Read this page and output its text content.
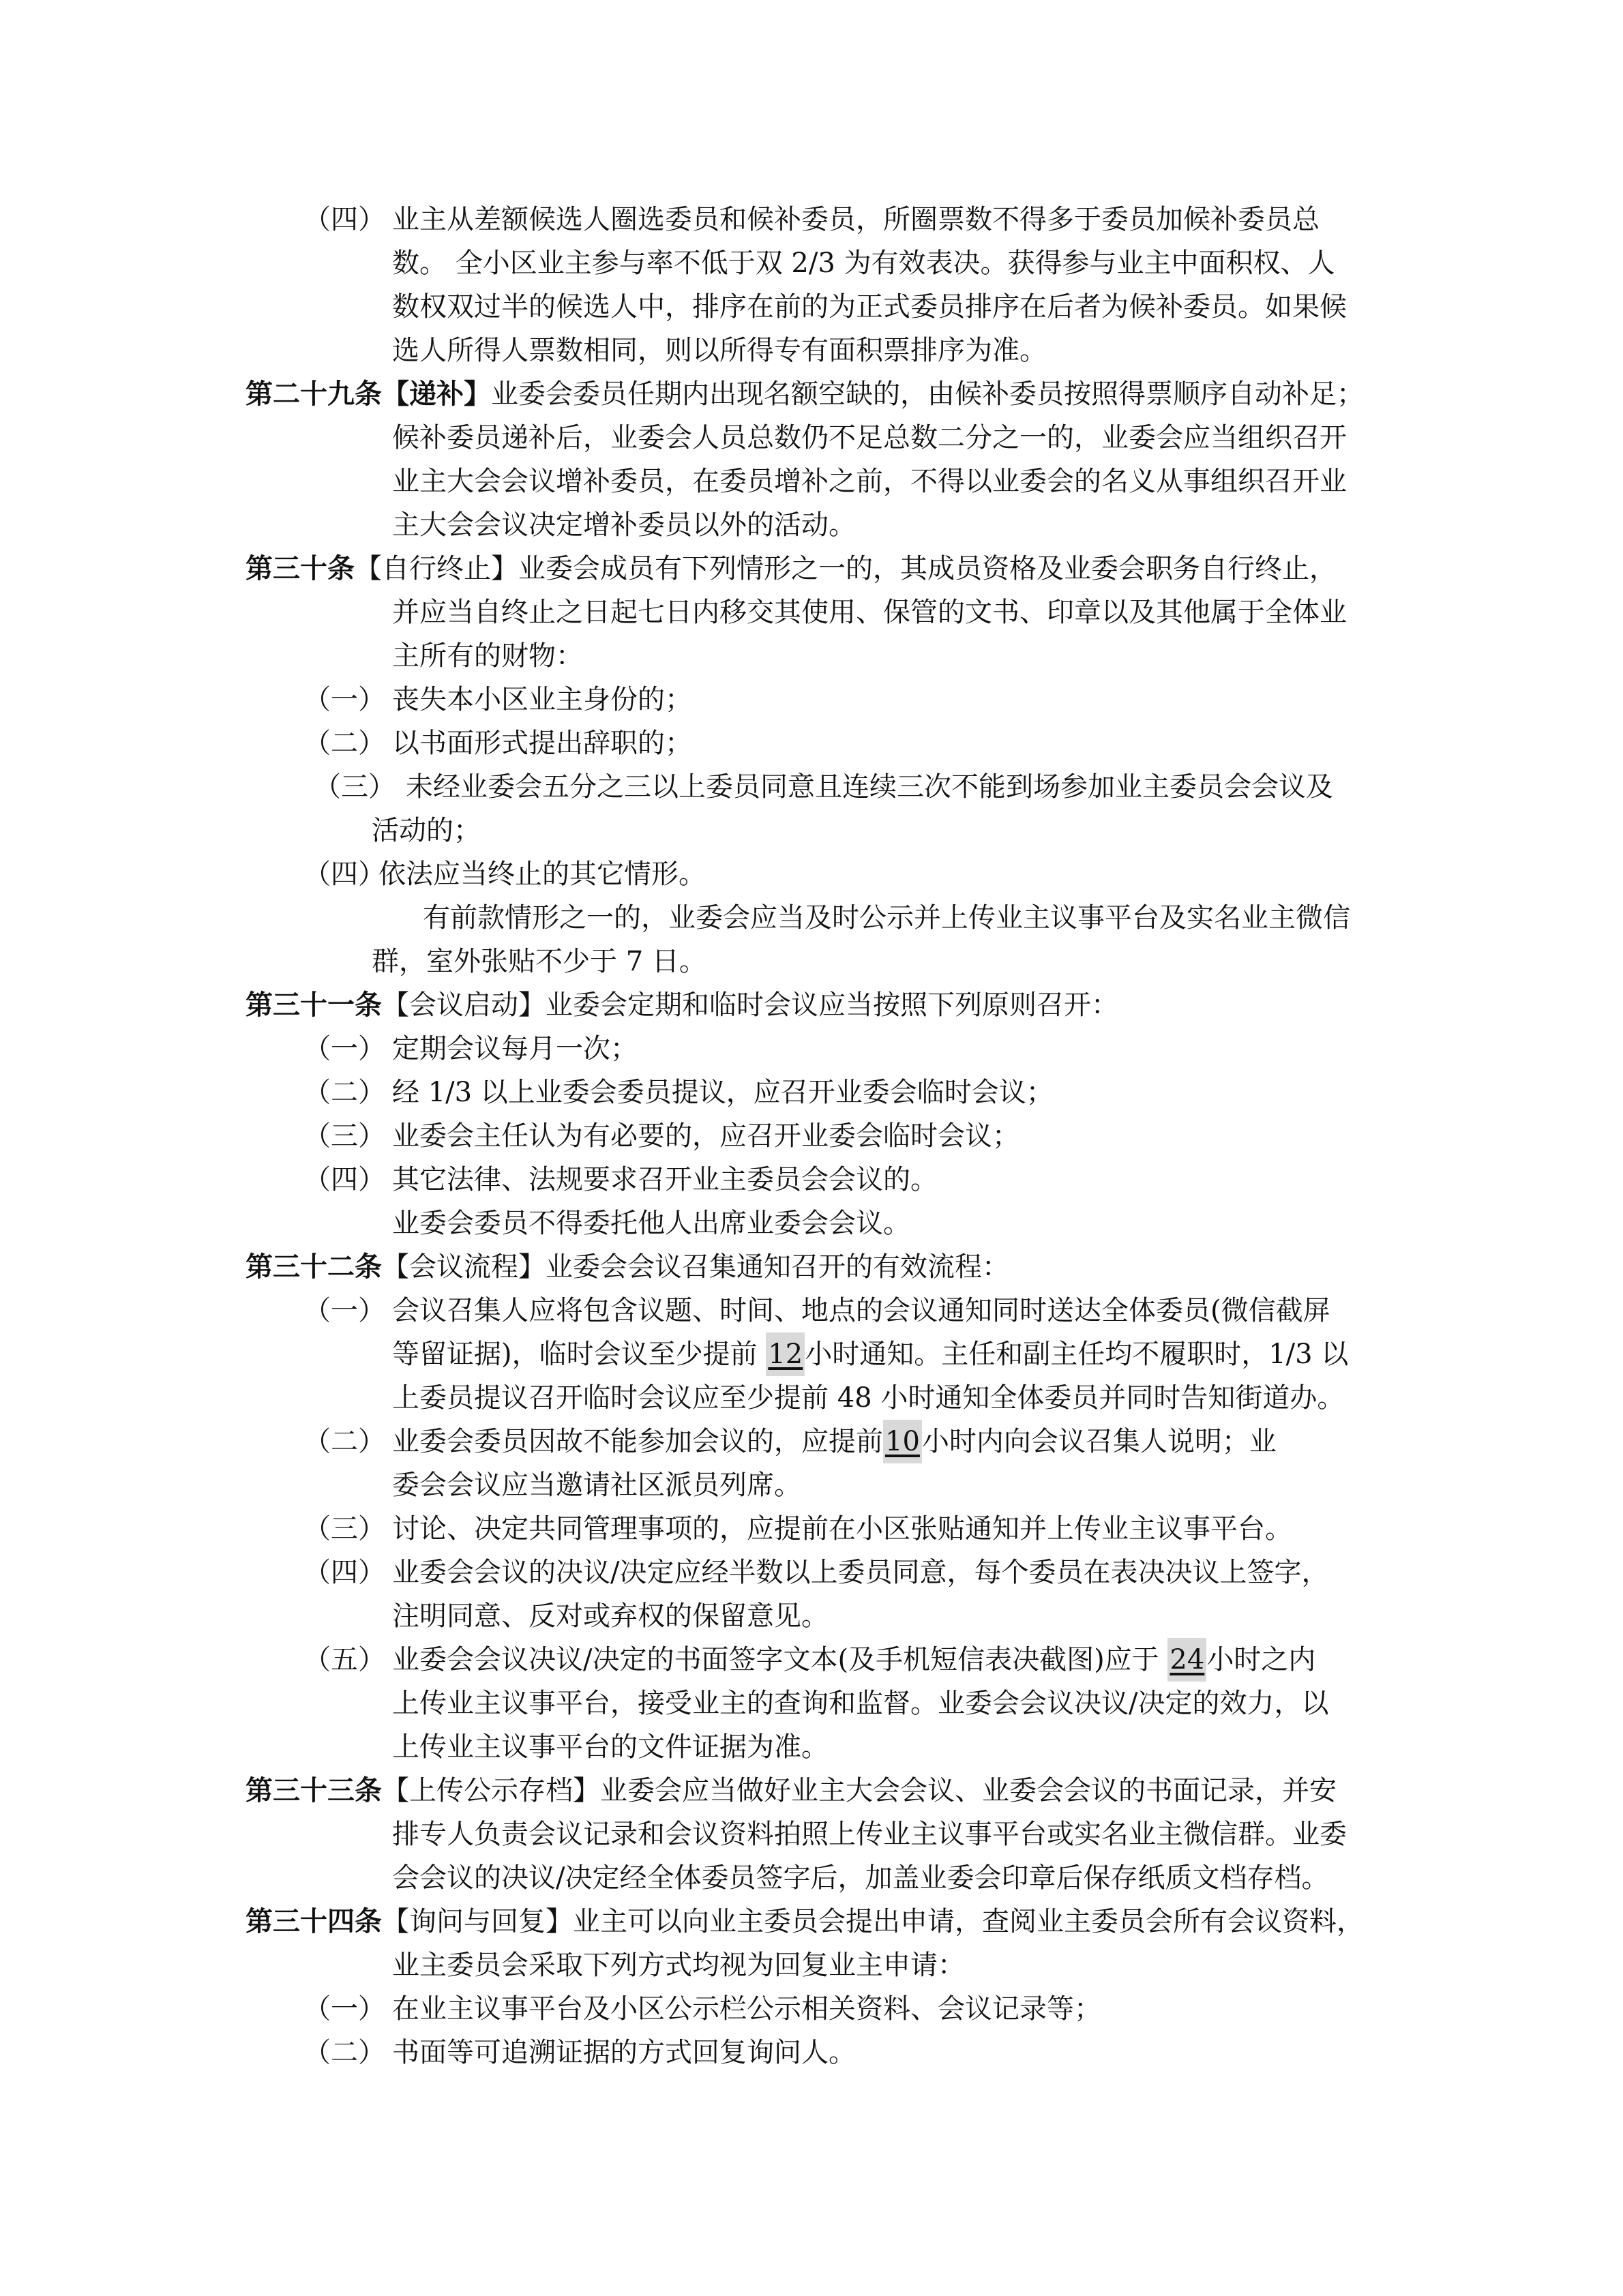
（四） 业主从差额候选人圈选委员和候补委员，所圈票数不得多于委员加候补委员总
数。 全小区业主参与率不低于双 2/3 为有效表决。获得参与业主中面积权、人
数权双过半的候选人中，排序在前的为正式委员排序在后者为候补委员。如果候
选人所得人票数相同，则以所得专有面积票排序为准。
第二十九条【递补】业委会委员任期内出现名额空缺的，由候补委员按照得票顺序自动补足；
候补委员递补后，业委会人员总数仍不足总数二分之一的，业委会应当组织召开
业主大会会议增补委员，在委员增补之前，不得以业委会的名义从事组织召开业
主大会会议决定增补委员以外的活动。
第三十条【自行终止】业委会成员有下列情形之一的，其成员资格及业委会职务自行终止，
并应当自终止之日起七日内移交其使用、保管的文书、印章以及其他属于全体业
主所有的财物：
（一） 丧失本小区业主身份的；
（二） 以书面形式提出辞职的；
（三） 未经业委会五分之三以上委员同意且连续三次不能到场参加业主委员会会议及
活动的；
（四）
依法应当终止的其它情形。
有前款情形之一的，业委会应当及时公示并上传业主议事平台及实名业主微信
群，室外张贴不少于 7 日。
第三十一条【会议启动】业委会定期和临时会议应当按照下列原则召开：
（一） 定期会议每月一次；
（二） 经 1/3 以上业委会委员提议，应召开业委会临时会议；
（三） 业委会主任认为有必要的，应召开业委会临时会议；
（四） 其它法律、法规要求召开业主委员会会议的。
业委会委员不得委托他人出席业委会会议。
第三十二条【会议流程】业委会会议召集通知召开的有效流程：
（一） 会议召集人应将包含议题、时间、地点的会议通知同时送达全体委员(微信截屏
等留证据)，临时会议至少提前 12小时通知。主任和副主任均不履职时，1/3 以
上委员提议召开临时会议应至少提前 48 小时通知全体委员并同时告知街道办。
（二） 业委会委员因故不能参加会议的，应提前10小时内向会议召集人说明；业
委会会议应当邀请社区派员列席。
（三） 讨论、决定共同管理事项的，应提前在小区张贴通知并上传业主议事平台。
（四） 业委会会议的决议/决定应经半数以上委员同意，每个委员在表决决议上签字，
注明同意、反对或弃权的保留意见。
（五） 业委会会议决议/决定的书面签字文本(及手机短信表决截图)应于 24小时之内
上传业主议事平台，接受业主的查询和监督。业委会会议决议/决定的效力，以
上传业主议事平台的文件证据为准。
第三十三条【上传公示存档】业委会应当做好业主大会会议、业委会会议的书面记录，并安
排专人负责会议记录和会议资料拍照上传业主议事平台或实名业主微信群。业委
会会议的决议/决定经全体委员签字后，加盖业委会印章后保存纸质文档存档。
第三十四条【询问与回复】业主可以向业主委员会提出申请，查阅业主委员会所有会议资料，
业主委员会采取下列方式均视为回复业主申请：
（一） 在业主议事平台及小区公示栏公示相关资料、会议记录等；
（二） 书面等可追溯证据的方式回复询问人。
